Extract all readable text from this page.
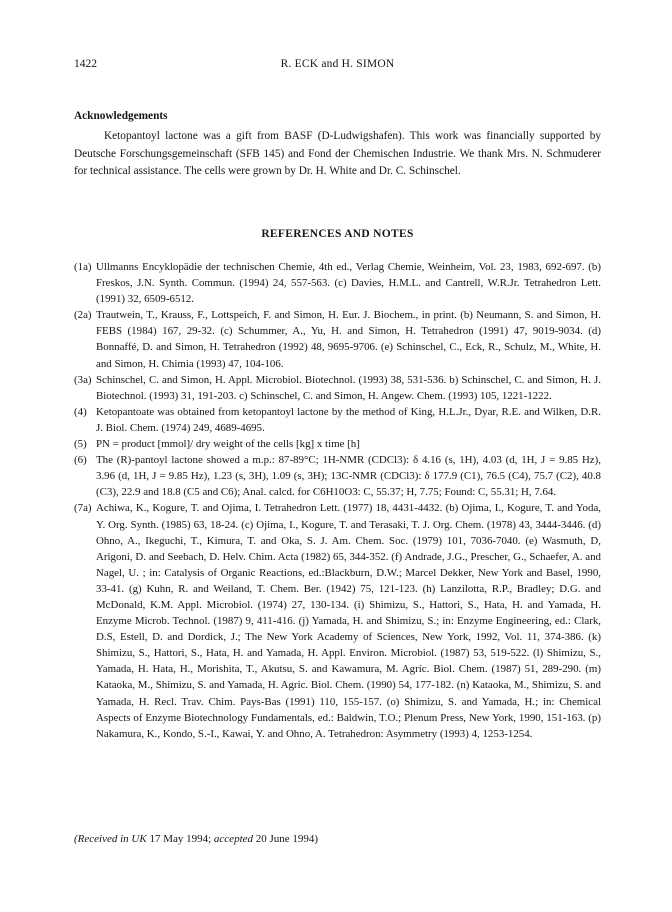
1422	R. ECK and H. SIMON
Acknowledgements

Ketopantoyl lactone was a gift from BASF (D-Ludwigshafen). This work was financially supported by Deutsche Forschungsgemeinschaft (SFB 145) and Fond der Chemischen Industrie. We thank Mrs. N. Schmuderer for technical assistance. The cells were grown by Dr. H. White and Dr. C. Schinschel.

REFERENCES AND NOTES
(1a) Ullmanns Encyklopädie der technischen Chemie, 4th ed., Verlag Chemie, Weinheim, Vol. 23, 1983, 692-697. (b) Freskos, J.N. Synth. Commun. (1994) 24, 557-563. (c) Davies, H.M.L. and Cantrell, W.R.Jr. Tetrahedron Lett. (1991) 32, 6509-6512.
(2a) Trautwein, T., Krauss, F., Lottspeich, F. and Simon, H. Eur. J. Biochem., in print. (b) Neumann, S. and Simon, H. FEBS (1984) 167, 29-32. (c) Schummer, A., Yu, H. and Simon, H. Tetrahedron (1991) 47, 9019-9034. (d) Bonnaffé, D. and Simon, H. Tetrahedron (1992) 48, 9695-9706. (e) Schinschel, C., Eck, R., Schulz, M., White, H. and Simon, H. Chimia (1993) 47, 104-106.
(3a) Schinschel, C. and Simon, H. Appl. Microbiol. Biotechnol. (1993) 38, 531-536. b) Schinschel, C. and Simon, H. J. Biotechnol. (1993) 31, 191-203. c) Schinschel, C. and Simon, H. Angew. Chem. (1993) 105, 1221-1222.
(4) Ketopantoate was obtained from ketopantoyl lactone by the method of King, H.L.Jr., Dyar, R.E. and Wilken, D.R. J. Biol. Chem. (1974) 249, 4689-4695.
(5) PN = product [mmol]/ dry weight of the cells [kg] x time [h]
(6) The (R)-pantoyl lactone showed a m.p.: 87-89°C; 1H-NMR (CDCl3): δ 4.16 (s, 1H), 4.03 (d, 1H, J = 9.85 Hz), 3.96 (d, 1H, J = 9.85 Hz), 1.23 (s, 3H), 1.09 (s, 3H); 13C-NMR (CDCl3): δ 177.9 (C1), 76.5 (C4), 75.7 (C2), 40.8 (C3), 22.9 and 18.8 (C5 and C6); Anal. calcd. for C6H10O3: C, 55.37; H, 7.75; Found: C, 55.31; H, 7.64.
(7a) Achiwa, K., Kogure, T. and Ojima, I. Tetrahedron Lett. (1977) 18, 4431-4432. (b) Ojima, I., Kogure, T. and Yoda, Y. Org. Synth. (1985) 63, 18-24. (c) Ojima, I., Kogure, T. and Terasaki, T. J. Org. Chem. (1978) 43, 3444-3446. (d) Ohno, A., Ikeguchi, T., Kimura, T. and Oka, S. J. Am. Chem. Soc. (1979) 101, 7036-7040. (e) Wasmuth, D, Arigoni, D. and Seebach, D. Helv. Chim. Acta (1982) 65, 344-352. (f) Andrade, J.G., Prescher, G., Schaefer, A. and Nagel, U. ; in: Catalysis of Organic Reactions, ed.:Blackburn, D.W.; Marcel Dekker, New York and Basel, 1990, 33-41. (g) Kuhn, R. and Weiland, T. Chem. Ber. (1942) 75, 121-123. (h) Lanzilotta, R.P., Bradley; D.G. and McDonald, K.M. Appl. Microbiol. (1974) 27, 130-134. (i) Shimizu, S., Hattori, S., Hata, H. and Yamada, H. Enzyme Microb. Technol. (1987) 9, 411-416. (j) Yamada, H. and Shimizu, S.; in: Enzyme Engineering, ed.: Clark, D.S, Estell, D. and Dordick, J.; The New York Academy of Sciences, New York, 1992, Vol. 11, 374-386. (k) Shimizu, S., Hattori, S., Hata, H. and Yamada, H. Appl. Environ. Microbiol. (1987) 53, 519-522. (l) Shimizu, S., Yamada, H. Hata, H., Morishita, T., Akutsu, S. and Kawamura, M. Agric. Biol. Chem. (1987) 51, 289-290. (m) Kataoka, M., Shimizu, S. and Yamada, H. Agric. Biol. Chem. (1990) 54, 177-182. (n) Kataoka, M., Shimizu, S. and Yamada, H. Recl. Trav. Chim. Pays-Bas (1991) 110, 155-157. (o) Shimizu, S. and Yamada, H.; in: Chemical Aspects of Enzyme Biotechnology Fundamentals, ed.: Baldwin, T.O.; Plenum Press, New York, 1990, 151-163. (p) Nakamura, K., Kondo, S.-I., Kawai, Y. and Ohno, A. Tetrahedron: Asymmetry (1993) 4, 1253-1254.
(Received in UK 17 May 1994; accepted 20 June 1994)
